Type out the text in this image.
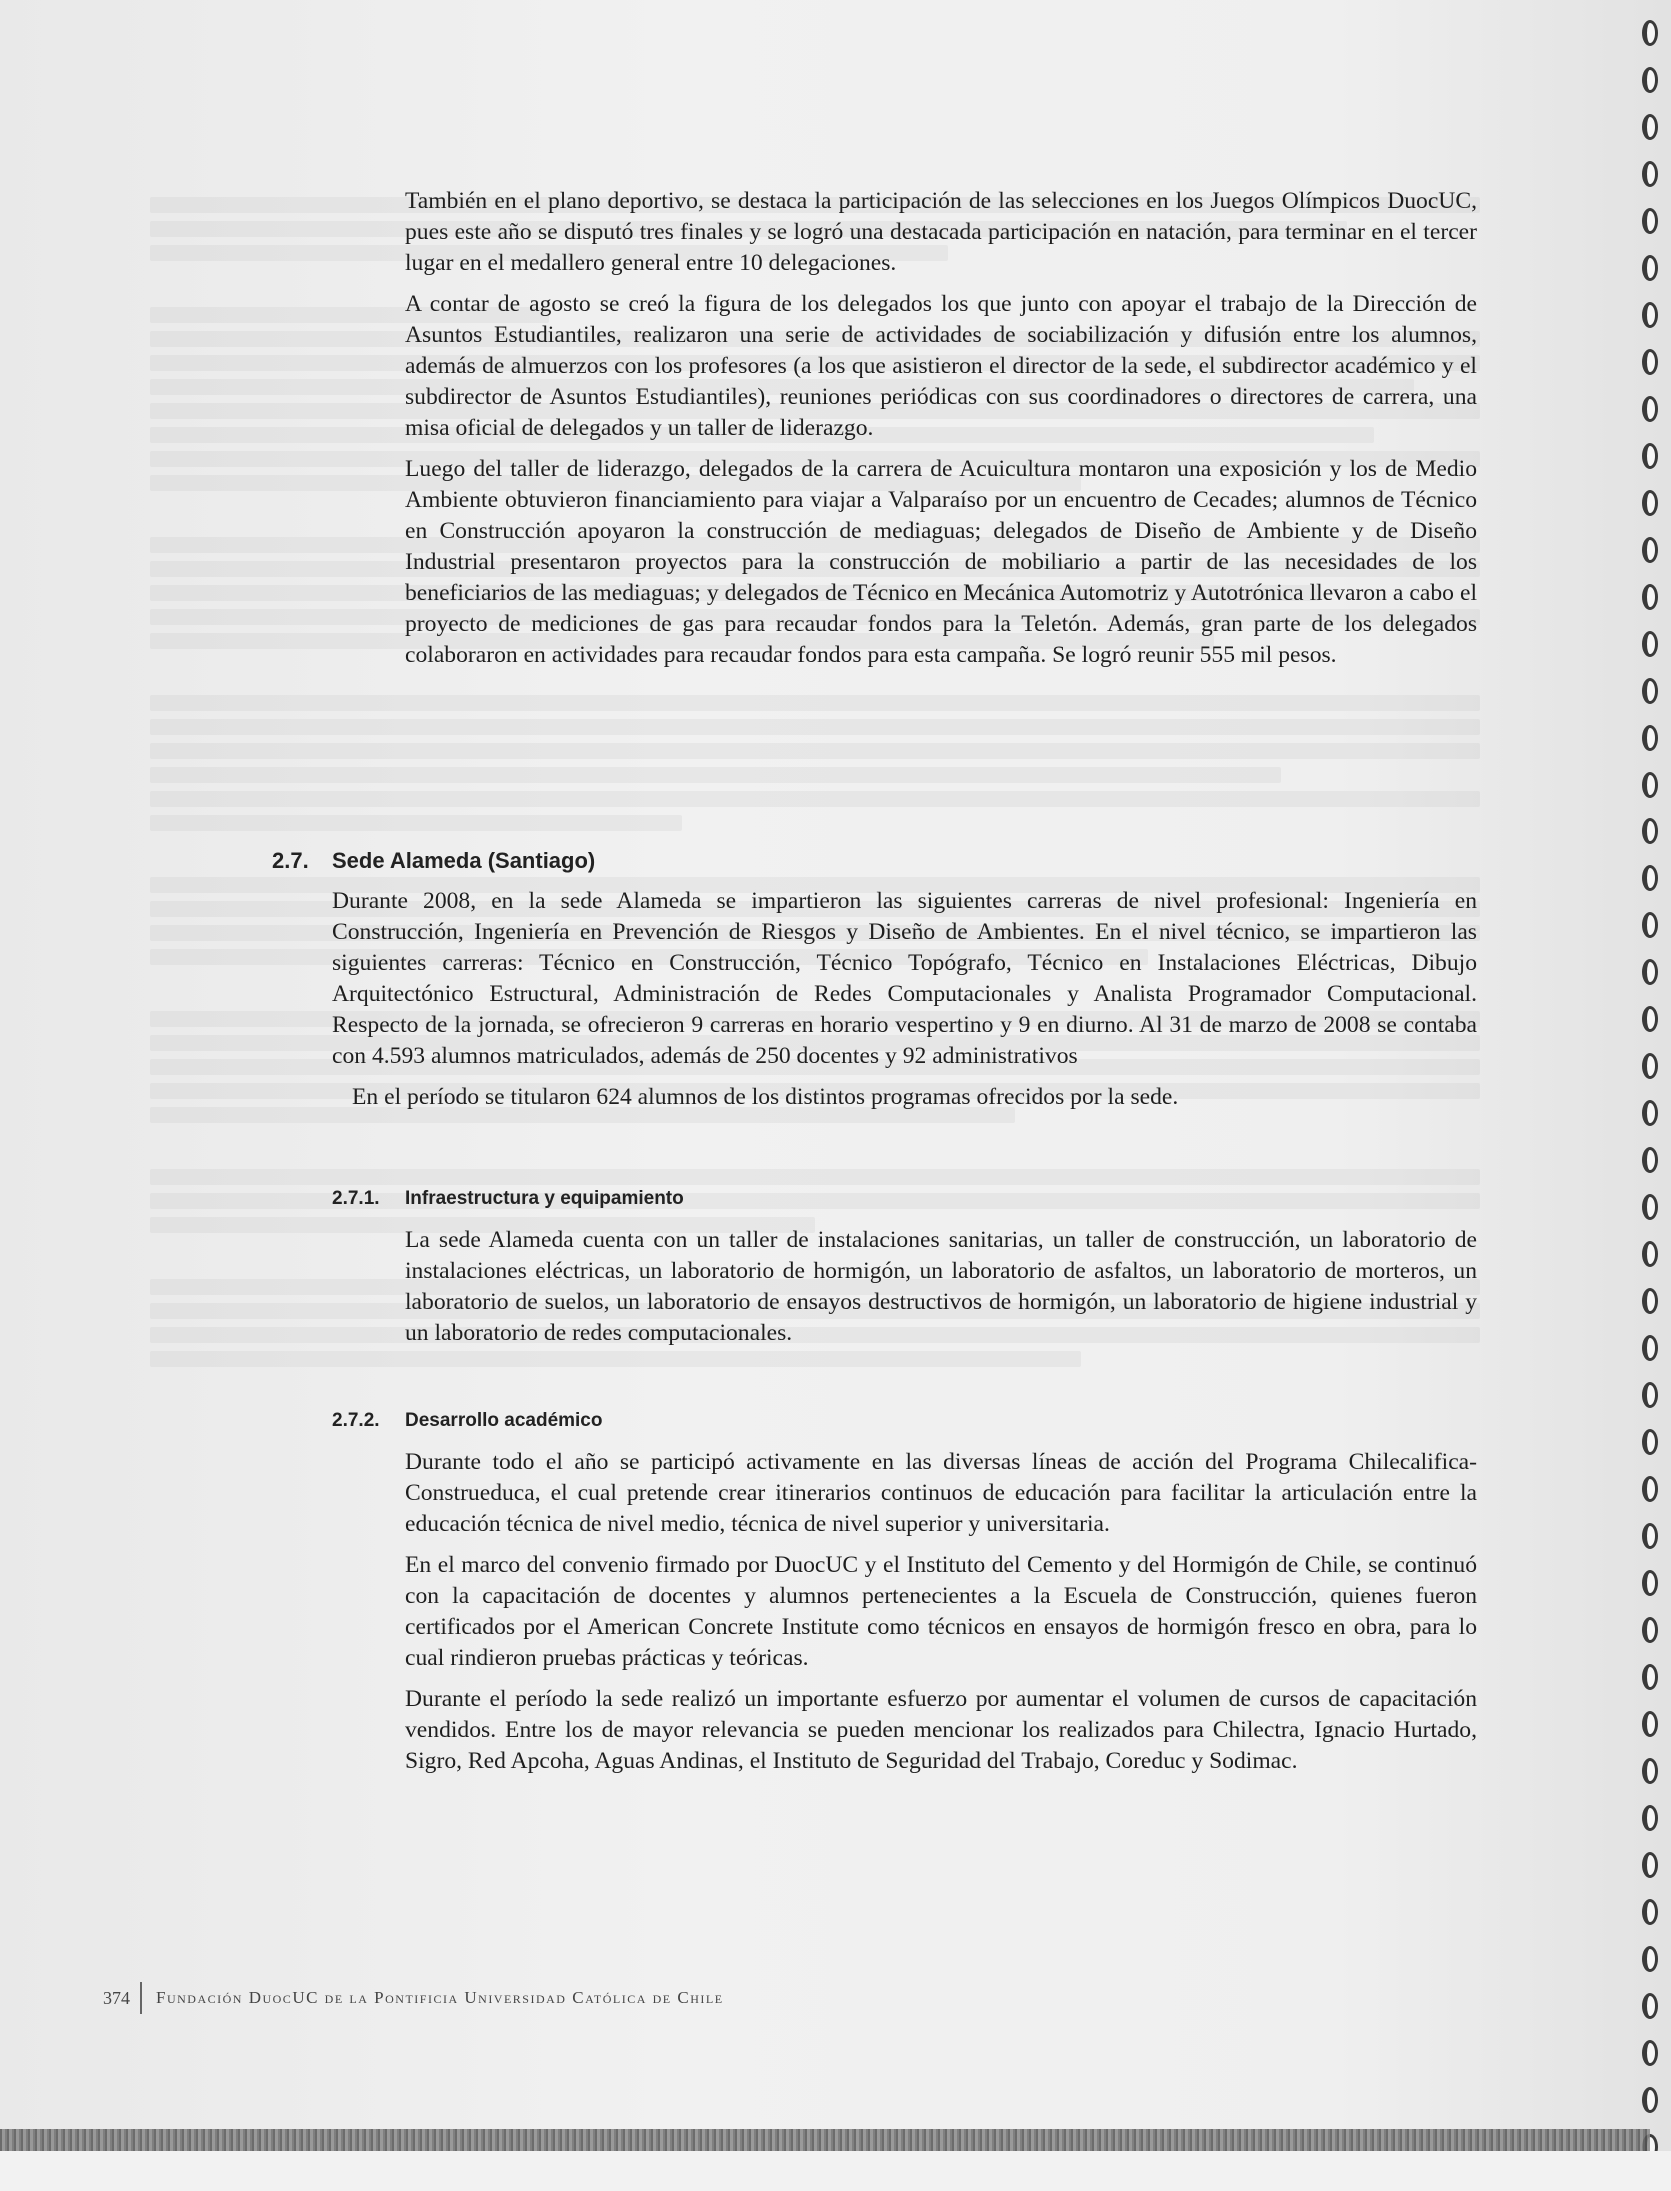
También en el plano deportivo, se destaca la participación de las selecciones en los Juegos Olímpicos DuocUC, pues este año se disputó tres finales y se logró una destacada participación en natación, para terminar en el tercer lugar en el medallero general entre 10 delegaciones.

A contar de agosto se creó la figura de los delegados los que junto con apoyar el trabajo de la Dirección de Asuntos Estudiantiles, realizaron una serie de actividades de sociabilización y difusión entre los alumnos, además de almuerzos con los profesores (a los que asistieron el director de la sede, el subdirector académico y el subdirector de Asuntos Estudiantiles), reuniones periódicas con sus coordinadores o directores de carrera, una misa oficial de delegados y un taller de liderazgo.

Luego del taller de liderazgo, delegados de la carrera de Acuicultura montaron una exposición y los de Medio Ambiente obtuvieron financiamiento para viajar a Valparaíso por un encuentro de Cecades; alumnos de Técnico en Construcción apoyaron la construcción de mediaguas; delegados de Diseño de Ambiente y de Diseño Industrial presentaron proyectos para la construcción de mobiliario a partir de las necesidades de los beneficiarios de las mediaguas; y delegados de Técnico en Mecánica Automotriz y Autotrónica llevaron a cabo el proyecto de mediciones de gas para recaudar fondos para la Teletón. Además, gran parte de los delegados colaboraron en actividades para recaudar fondos para esta campaña. Se logró reunir 555 mil pesos.

2.7.	Sede Alameda (Santiago)

Durante 2008, en la sede Alameda se impartieron las siguientes carreras de nivel profesional: Ingeniería en Construcción, Ingeniería en Prevención de Riesgos y Diseño de Ambientes. En el nivel técnico, se impartieron las siguientes carreras: Técnico en Construcción, Técnico Topógrafo, Técnico en Instalaciones Eléctricas, Dibujo Arquitectónico Estructural, Administración de Redes Computacionales y Analista Programador Computacional. Respecto de la jornada, se ofrecieron 9 carreras en horario vespertino y 9 en diurno. Al 31 de marzo de 2008 se contaba con 4.593 alumnos matriculados, además de 250 docentes y 92 administrativos

En el período se titularon 624 alumnos de los distintos programas ofrecidos por la sede.

2.7.1.	Infraestructura y equipamiento

La sede Alameda cuenta con un taller de instalaciones sanitarias, un taller de construcción, un laboratorio de instalaciones eléctricas, un laboratorio de hormigón, un laboratorio de asfaltos, un laboratorio de morteros, un laboratorio de suelos, un laboratorio de ensayos destructivos de hormigón, un laboratorio de higiene industrial y un laboratorio de redes computacionales.

2.7.2.	Desarrollo académico

Durante todo el año se participó activamente en las diversas líneas de acción del Programa Chilecalifica-Construeduca, el cual pretende crear itinerarios continuos de educación para facilitar la articulación entre la educación técnica de nivel medio, técnica de nivel superior y universitaria.

En el marco del convenio firmado por DuocUC y el Instituto del Cemento y del Hormigón de Chile, se continuó con la capacitación de docentes y alumnos pertenecientes a la Escuela de Construcción, quienes fueron certificados por el American Concrete Institute como técnicos en ensayos de hormigón fresco en obra, para lo cual rindieron pruebas prácticas y teóricas.

Durante el período la sede realizó un importante esfuerzo por aumentar el volumen de cursos de capacitación vendidos. Entre los de mayor relevancia se pueden mencionar los realizados para Chilectra, Ignacio Hurtado, Sigro, Red Apcoha, Aguas Andinas, el Instituto de Seguridad del Trabajo, Coreduc y Sodimac.

374	Fundación DuocUC de la Pontificia Universidad Católica de Chile
